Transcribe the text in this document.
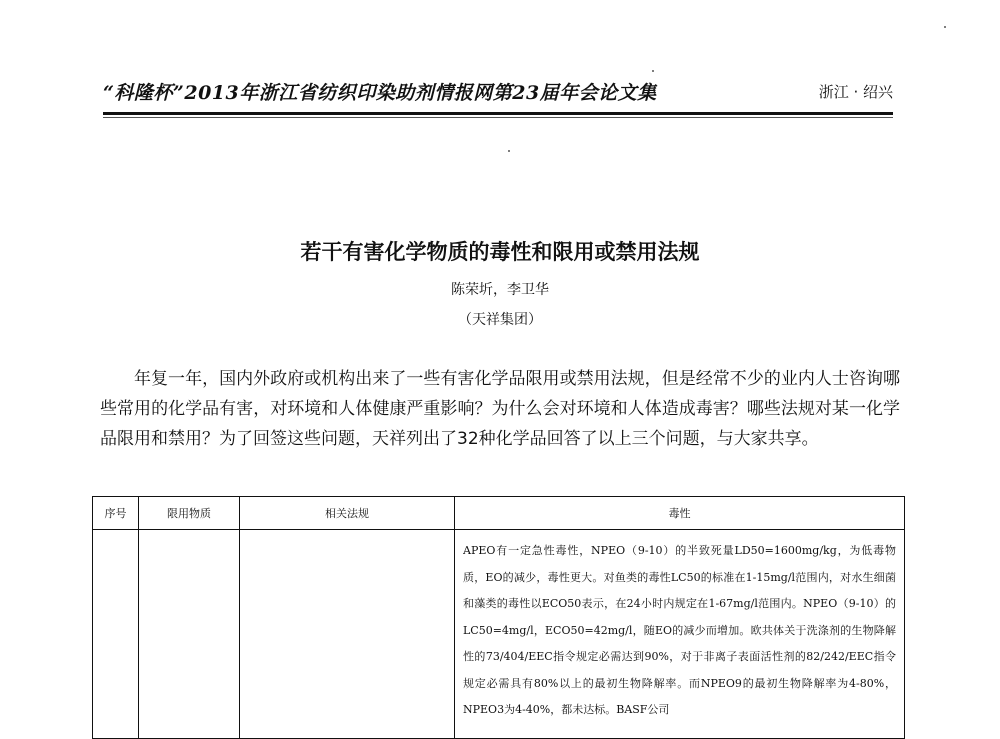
“科隆杯”2013年浙江省纺织印染助剂情报网第23届年会论文集	浙江 · 绍兴
若干有害化学物质的毒性和限用或禁用法规
陈荣圻，李卫华
（天祥集团）

年复一年，国内外政府或机构出来了一些有害化学品限用或禁用法规，但是经常不少的业内人士咨询哪些常用的化学品有害，对环境和人体健康严重影响？为什么会对环境和人体造成毒害？哪些法规对某一化学品限用和禁用？为了回签这些问题，天祥列出了32种化学品回答了以上三个问题，与大家共享。

序号	限用物质	相关法规	毒性

			APEO有一定急性毒性，NPEO（9-10）的半致死量LD50=1600mg/kg，为低毒物质，EO的减少，毒性更大。对鱼类的毒性LC50的标准在1-15mg/l范围内，对水生细菌和藻类的毒性以ECO50表示，在24小时内规定在1-67mg/l范围内。NPEO（9-10）的LC50=4mg/l，ECO50=42mg/l，随EO的减少而增加。欧共体关于洗涤剂的生物降解性的73/404/EEC指令规定必需达到90%，对于非离子表面活性剂的82/242/EEC指令规定必需具有80%以上的最初生物降解率。而NPEO9的最初生物降解率为4-80%，NPEO3为4-40%，都未达标。BASF公司
